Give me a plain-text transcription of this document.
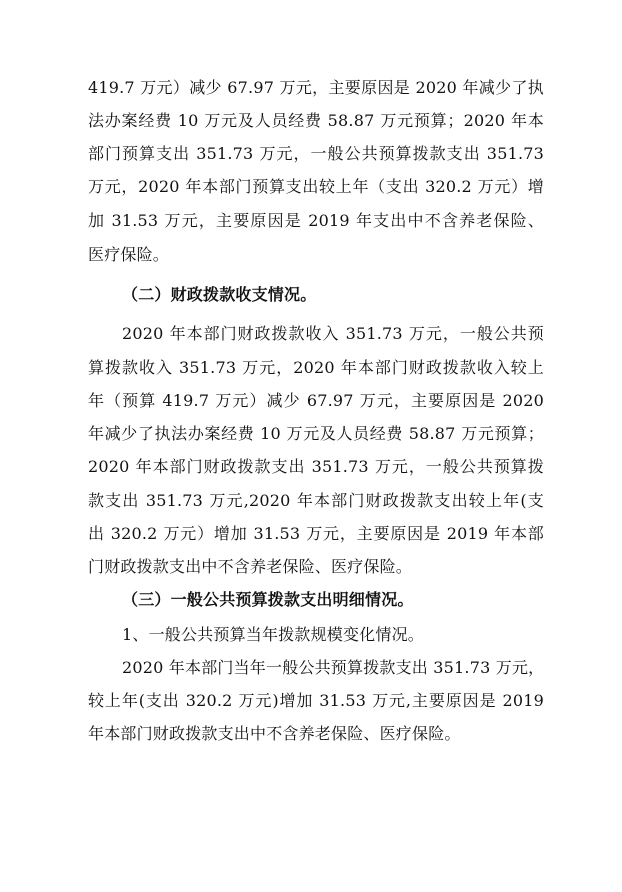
419.7 万元）减少 67.97 万元，主要原因是 2020 年减少了执
法办案经费 10 万元及人员经费 58.87 万元预算；2020 年本
部门预算支出 351.73 万元，一般公共预算拨款支出 351.73
万元，2020 年本部门预算支出较上年（支出 320.2 万元）增
加 31.53 万元，主要原因是 2019 年支出中不含养老保险、
医疗保险。
（二）财政拨款收支情况。
2020 年本部门财政拨款收入 351.73 万元，一般公共预
算拨款收入 351.73 万元，2020 年本部门财政拨款收入较上
年（预算 419.7 万元）减少 67.97 万元，主要原因是 2020
年减少了执法办案经费 10 万元及人员经费 58.87 万元预算；
2020 年本部门财政拨款支出 351.73 万元，一般公共预算拨
款支出 351.73 万元,2020 年本部门财政拨款支出较上年(支
出 320.2 万元）增加 31.53 万元，主要原因是 2019 年本部
门财政拨款支出中不含养老保险、医疗保险。
（三）一般公共预算拨款支出明细情况。
1、一般公共预算当年拨款规模变化情况。
2020 年本部门当年一般公共预算拨款支出 351.73 万元，
较上年(支出 320.2 万元)增加 31.53 万元,主要原因是 2019
年本部门财政拨款支出中不含养老保险、医疗保险。
